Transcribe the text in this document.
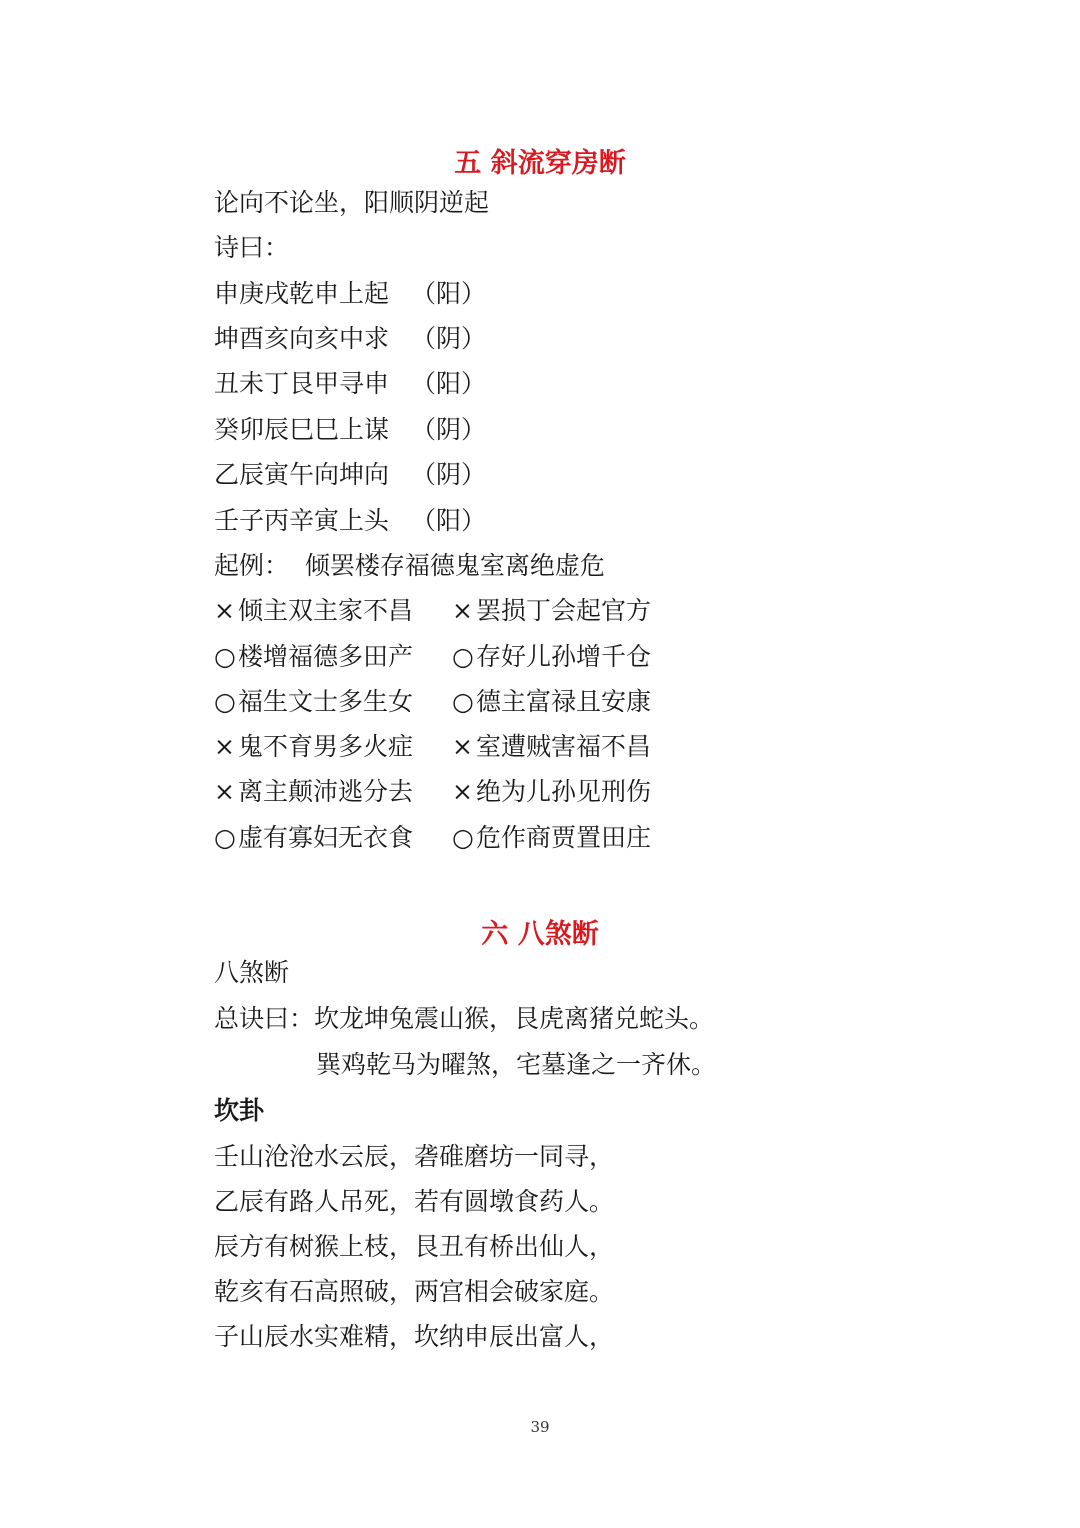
五 斜流穿房断
论向不论坐，阳顺阴逆起
诗曰：
申庚戌乾申上起 （阳）
坤酉亥向亥中求 （阴）
丑未丁艮甲寻申 （阳）
癸卯辰巳巳上谋 （阴）
乙辰寅午向坤向 （阴）
壬子丙辛寅上头 （阳）
起例：  倾罢楼存福德鬼室离绝虚危
× 倾主双主家不昌 × 罢损丁会起官方
○楼增福德多田产 ○存好儿孙增千仓
○福生文士多生女 ○德主富禄且安康
× 鬼不育男多火症 × 室遭贼害福不昌
× 离主颠沛逃分去 × 绝为儿孙见刑伤
○虚有寡妇无衣食 ○危作商贾置田庄
六 八煞断
八煞断
总诀曰：坎龙坤兔震山猴，艮虎离猪兑蛇头。
巽鸡乾马为曜煞，宅墓逢之一齐休。
坎卦
壬山沧沧水云辰，砻碓磨坊一同寻，
乙辰有路人吊死，若有圆墩食药人。
辰方有树猴上枝，艮丑有桥出仙人，
乾亥有石高照破，两宫相会破家庭。
子山辰水实难精，坎纳申辰出富人，
39
